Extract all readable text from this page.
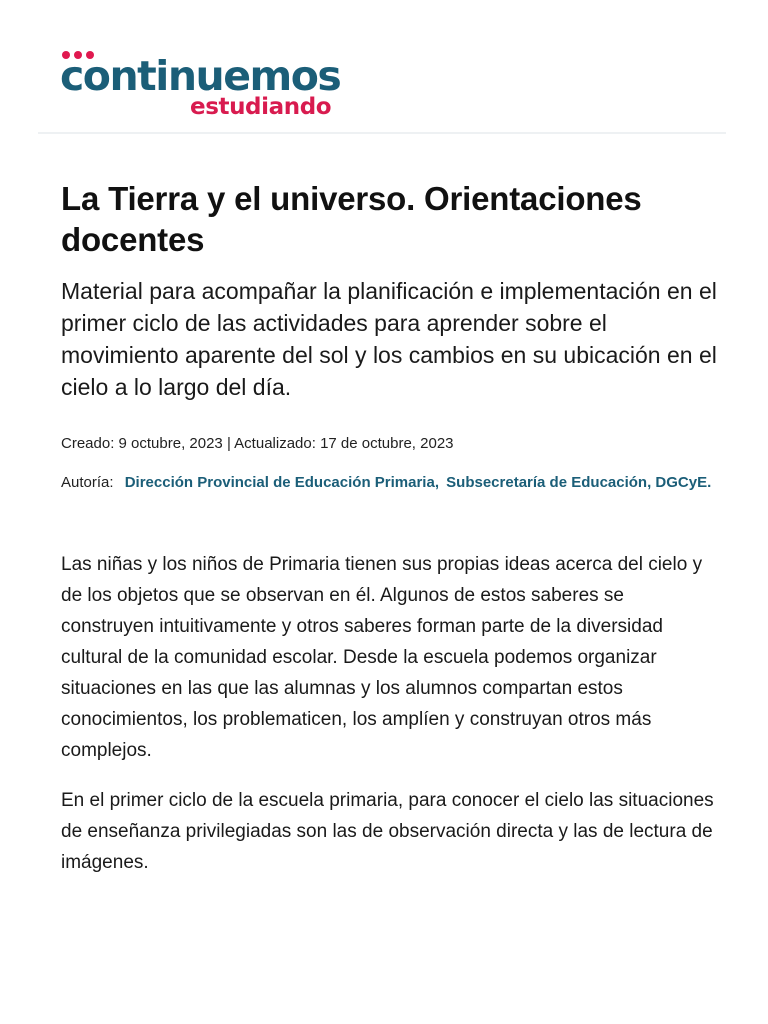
continuemos
estudiando
La Tierra y el universo. Orientaciones docentes

Material para acompañar la planificación e implementación en el primer ciclo de las actividades para aprender sobre el movimiento aparente del sol y los cambios en su ubicación en el cielo a lo largo del día.

Creado: 9 octubre, 2023 | Actualizado: 17 de octubre, 2023

Autoría: Dirección Provincial de Educación Primaria, Subsecretaría de Educación, DGCyE.

Las niñas y los niños de Primaria tienen sus propias ideas acerca del cielo y de los objetos que se observan en él. Algunos de estos saberes se construyen intuitivamente y otros saberes forman parte de la diversidad cultural de la comunidad escolar. Desde la escuela podemos organizar situaciones en las que las alumnas y los alumnos compartan estos conocimientos, los problematicen, los amplíen y construyan otros más complejos.

En el primer ciclo de la escuela primaria, para conocer el cielo las situaciones de enseñanza privilegiadas son las de observación directa y las de lectura de imágenes.
